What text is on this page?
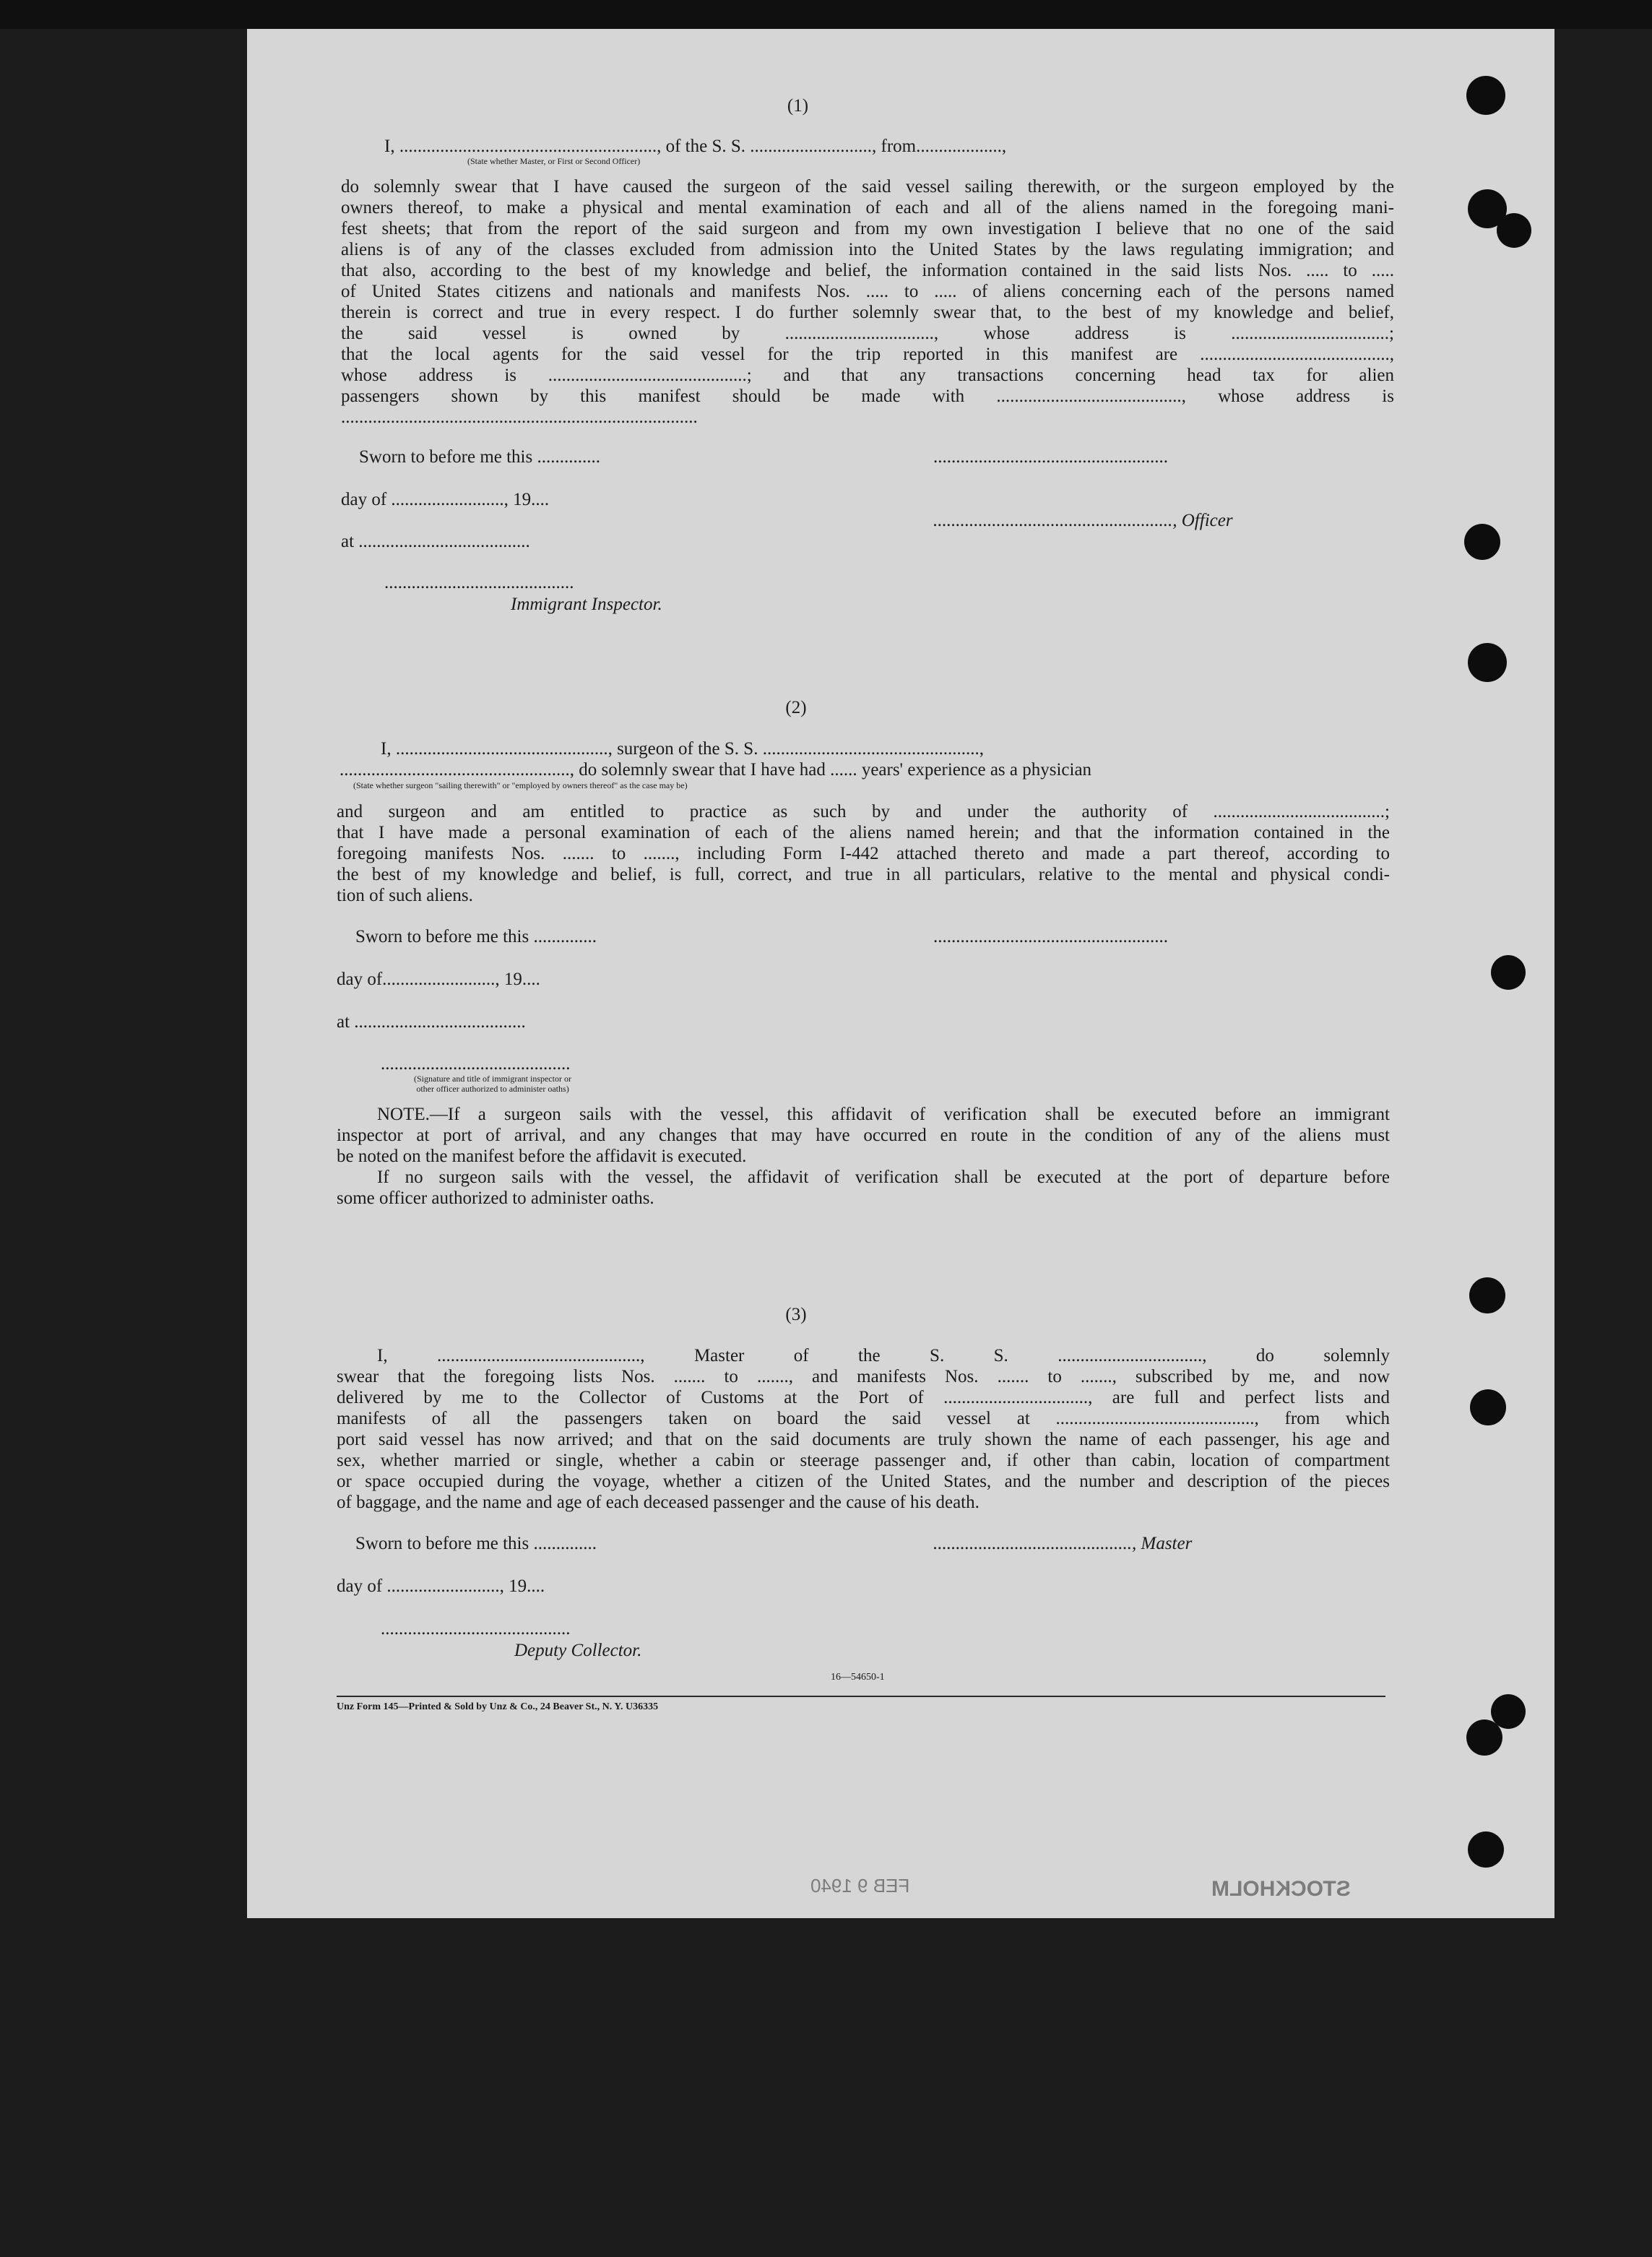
(1)
I, ........................................................., of the S. S. ..........................., from...................,
(State whether Master, or First or Second Officer)
do solemnly swear that I have caused the surgeon of the said vessel sailing therewith, or the surgeon employed by the
owners thereof, to make a physical and mental examination of each and all of the aliens named in the foregoing mani-
fest sheets; that from the report of the said surgeon and from my own investigation I believe that no one of the said
aliens is of any of the classes excluded from admission into the United States by the laws regulating immigration; and
that also, according to the best of my knowledge and belief, the information contained in the said lists Nos. ..... to .....
of United States citizens and nationals and manifests Nos. ..... to ..... of aliens concerning each of the persons named
therein is correct and true in every respect. I do further solemnly swear that, to the best of my knowledge and belief,
the said vessel is owned by ................................., whose address is ...................................;
that the local agents for the said vessel for the trip reported in this manifest are ..........................................,
whose address is ............................................; and that any transactions concerning head tax for alien
passengers shown by this manifest should be made with ........................................., whose address is
...............................................................................
Sworn to before me this ..............	....................................................
day of ........................., 19....
....................................................., Officer
at ......................................
..........................................
Immigrant Inspector.
(2)
I, ..............................................., surgeon of the S. S. ................................................,
..................................................., do solemnly swear that I have had ...... years' experience as a physician
(State whether surgeon "sailing therewith" or "employed by owners thereof" as the case may be)
and surgeon and am entitled to practice as such by and under the authority of ......................................;
that I have made a personal examination of each of the aliens named herein; and that the information contained in the
foregoing manifests Nos. ....... to ......., including Form I-442 attached thereto and made a part thereof, according to
the best of my knowledge and belief, is full, correct, and true in all particulars, relative to the mental and physical condi-
tion of such aliens.
Sworn to before me this ..............	....................................................
day of........................., 19....
at ......................................
..........................................
(Signature and title of immigrant inspector or
other officer authorized to administer oaths)
NOTE.—If a surgeon sails with the vessel, this affidavit of verification shall be executed before an immigrant
inspector at port of arrival, and any changes that may have occurred en route in the condition of any of the aliens must
be noted on the manifest before the affidavit is executed.
If no surgeon sails with the vessel, the affidavit of verification shall be executed at the port of departure before
some officer authorized to administer oaths.
(3)
I, ............................................., Master of the S. S. ................................, do solemnly
swear that the foregoing lists Nos. ....... to ......., and manifests Nos. ....... to ......., subscribed by me, and now
delivered by me to the Collector of Customs at the Port of ................................, are full and perfect lists and
manifests of all the passengers taken on board the said vessel at ............................................, from which
port said vessel has now arrived; and that on the said documents are truly shown the name of each passenger, his age and
sex, whether married or single, whether a cabin or steerage passenger and, if other than cabin, location of compartment
or space occupied during the voyage, whether a citizen of the United States, and the number and description of the pieces
of baggage, and the name and age of each deceased passenger and the cause of his death.
Sworn to before me this ..............	............................................, Master
day of ........................., 19....
..........................................
Deputy Collector.
16—54650-1
Unz Form 145—Printed & Sold by Unz & Co., 24 Beaver St., N. Y. U36335
STOCKHOLM
FEB 9 1940
